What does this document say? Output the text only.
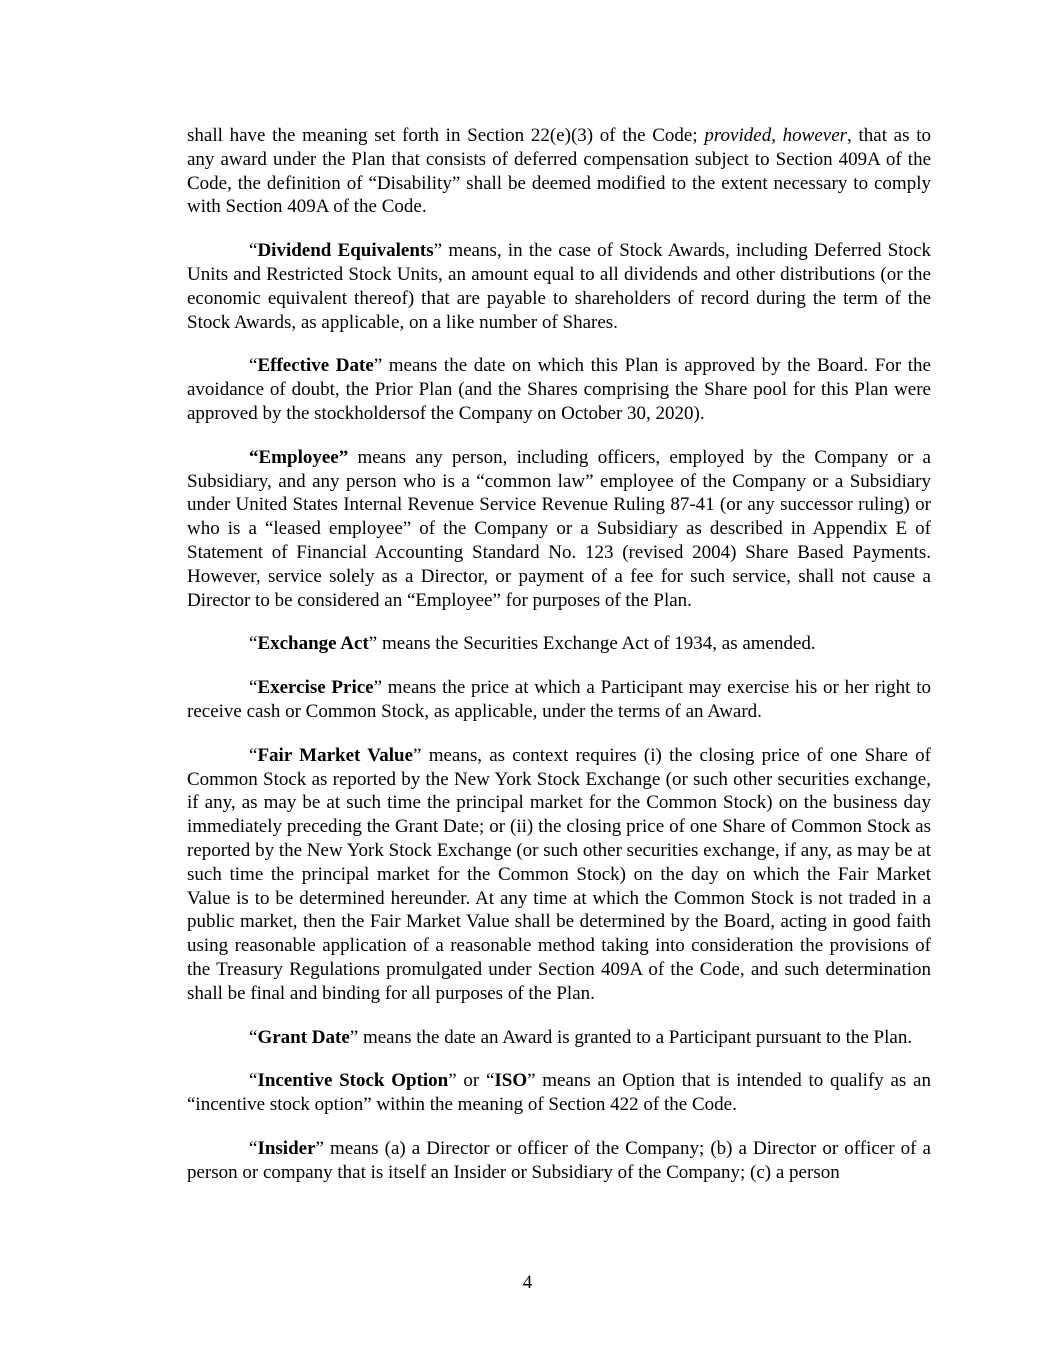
shall have the meaning set forth in Section 22(e)(3) of the Code; provided, however, that as to any award under the Plan that consists of deferred compensation subject to Section 409A of the Code, the definition of “Disability” shall be deemed modified to the extent necessary to comply with Section 409A of the Code.

“Dividend Equivalents” means, in the case of Stock Awards, including Deferred Stock Units and Restricted Stock Units, an amount equal to all dividends and other distributions (or the economic equivalent thereof) that are payable to shareholders of record during the term of the Stock Awards, as applicable, on a like number of Shares.

“Effective Date” means the date on which this Plan is approved by the Board. For the avoidance of doubt, the Prior Plan (and the Shares comprising the Share pool for this Plan were approved by the stockholdersof the Company on October 30, 2020).

“Employee” means any person, including officers, employed by the Company or a Subsidiary, and any person who is a “common law” employee of the Company or a Subsidiary under United States Internal Revenue Service Revenue Ruling 87-41 (or any successor ruling) or who is a “leased employee” of the Company or a Subsidiary as described in Appendix E of Statement of Financial Accounting Standard No. 123 (revised 2004) Share Based Payments. However, service solely as a Director, or payment of a fee for such service, shall not cause a Director to be considered an “Employee” for purposes of the Plan.

“Exchange Act” means the Securities Exchange Act of 1934, as amended.

“Exercise Price” means the price at which a Participant may exercise his or her right to receive cash or Common Stock, as applicable, under the terms of an Award.

“Fair Market Value” means, as context requires (i) the closing price of one Share of Common Stock as reported by the New York Stock Exchange (or such other securities exchange, if any, as may be at such time the principal market for the Common Stock) on the business day immediately preceding the Grant Date; or (ii) the closing price of one Share of Common Stock as reported by the New York Stock Exchange (or such other securities exchange, if any, as may be at such time the principal market for the Common Stock) on the day on which the Fair Market Value is to be determined hereunder. At any time at which the Common Stock is not traded in a public market, then the Fair Market Value shall be determined by the Board, acting in good faith using reasonable application of a reasonable method taking into consideration the provisions of the Treasury Regulations promulgated under Section 409A of the Code, and such determination shall be final and binding for all purposes of the Plan.

“Grant Date” means the date an Award is granted to a Participant pursuant to the Plan.

“Incentive Stock Option” or “ISO” means an Option that is intended to qualify as an “incentive stock option” within the meaning of Section 422 of the Code.

“Insider” means (a) a Director or officer of the Company; (b) a Director or officer of a person or company that is itself an Insider or Subsidiary of the Company; (c) a person

4
